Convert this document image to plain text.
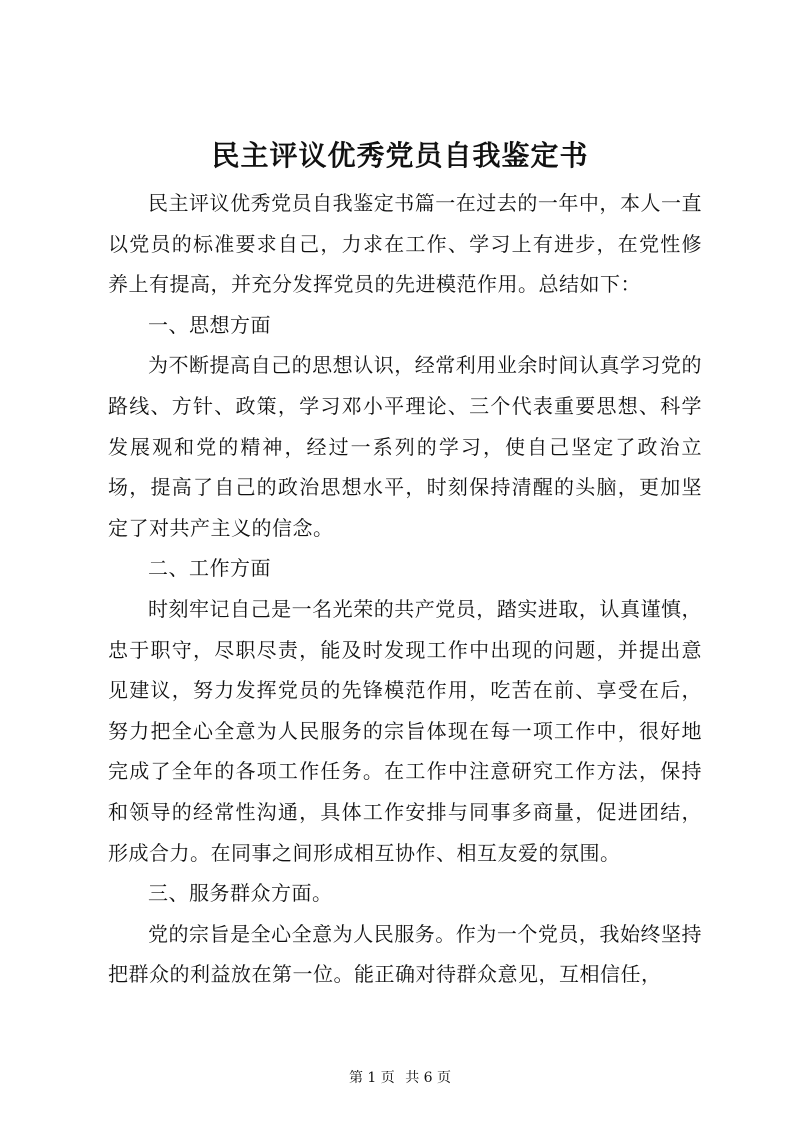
民主评议优秀党员自我鉴定书

民主评议优秀党员自我鉴定书篇一在过去的一年中，本人一直以党员的标准要求自己，力求在工作、学习上有进步，在党性修养上有提高，并充分发挥党员的先进模范作用。总结如下：

一、思想方面

为不断提高自己的思想认识，经常利用业余时间认真学习党的路线、方针、政策，学习邓小平理论、三个代表重要思想、科学发展观和党的精神，经过一系列的学习，使自己坚定了政治立场，提高了自己的政治思想水平，时刻保持清醒的头脑，更加坚定了对共产主义的信念。

二、工作方面

时刻牢记自己是一名光荣的共产党员，踏实进取，认真谨慎，忠于职守，尽职尽责，能及时发现工作中出现的问题，并提出意见建议，努力发挥党员的先锋模范作用，吃苦在前、享受在后，努力把全心全意为人民服务的宗旨体现在每一项工作中，很好地完成了全年的各项工作任务。在工作中注意研究工作方法，保持和领导的经常性沟通，具体工作安排与同事多商量，促进团结，形成合力。在同事之间形成相互协作、相互友爱的氛围。

三、服务群众方面。

党的宗旨是全心全意为人民服务。作为一个党员，我始终坚持把群众的利益放在第一位。能正确对待群众意见，互相信任，

第 1 页 共 6 页
